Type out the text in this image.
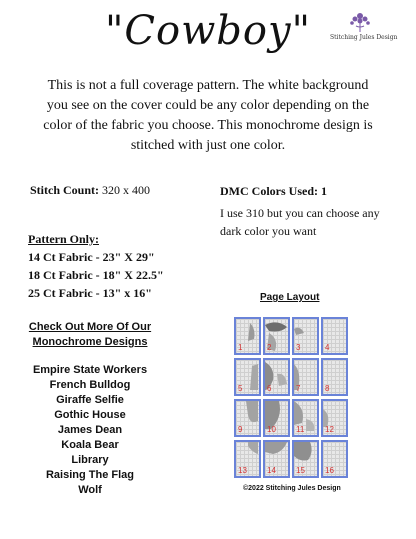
"Cowboy"	Stitching Jules Design
This is not a full coverage pattern. The white background you see on the cover could be any color depending on the color of the fabric you choose. This monochrome design is stitched with just one color.
Stitch Count: 320 x 400	DMC Colors Used: 1
I use 310 but you can choose any dark color you want
Pattern Only:
14 Ct Fabric - 23" X 29"
18 Ct Fabric - 18" X 22.5"
25 Ct Fabric - 13" x 16"
Check Out More Of Our
Monochrome Designs
Empire State Workers
French Bulldog
Giraffe Selfie
Gothic House
James Dean
Koala Bear
Library
Raising The Flag
Wolf
Page Layout
1	2	3	4
5	6	7	8
9	10	11	12
13	14	15	16
©2022 Stitching Jules Design
